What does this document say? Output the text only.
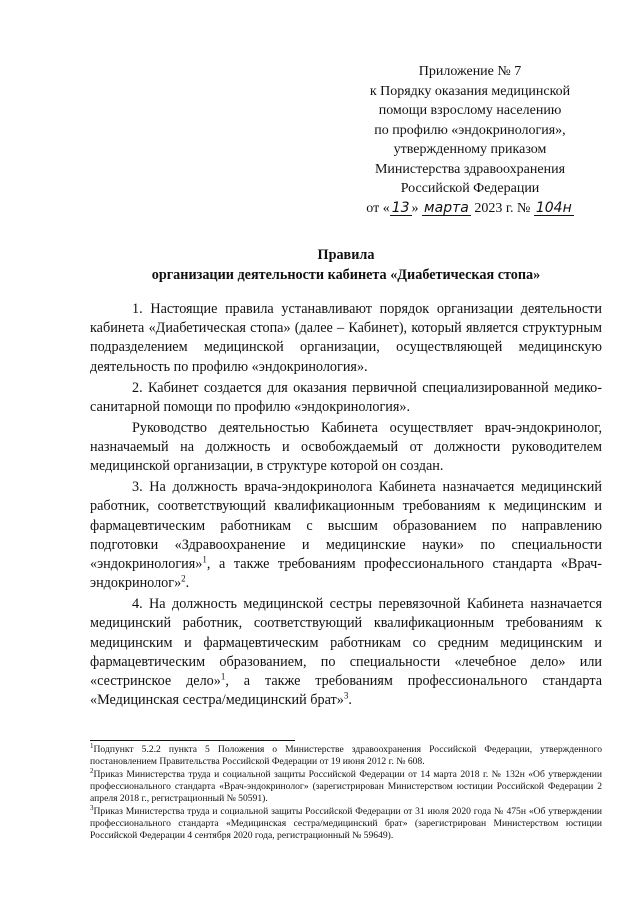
Приложение № 7
к Порядку оказания медицинской
помощи взрослому населению
по профилю «эндокринология»,
утвержденному приказом
Министерства здравоохранения
Российской Федерации
от « 13 » марта 2023 г. № 104н
Правила
организации деятельности кабинета «Диабетическая стопа»

1. Настоящие правила устанавливают порядок организации деятельности кабинета «Диабетическая стопа» (далее – Кабинет), который является структурным подразделением медицинской организации, осуществляющей медицинскую деятельность по профилю «эндокринология».

2. Кабинет создается для оказания первичной специализированной медико-санитарной помощи по профилю «эндокринология».

Руководство деятельностью Кабинета осуществляет врач-эндокринолог, назначаемый на должность и освобождаемый от должности руководителем медицинской организации, в структуре которой он создан.

3. На должность врача-эндокринолога Кабинета назначается медицинский работник, соответствующий квалификационным требованиям к медицинским и фармацевтическим работникам с высшим образованием по направлению подготовки «Здравоохранение и медицинские науки» по специальности «эндокринология»$^1$, а также требованиям профессионального стандарта «Врач-эндокринолог»$^2$.

4. На должность медицинской сестры перевязочной Кабинета назначается медицинский работник, соответствующий квалификационным требованиям к медицинским и фармацевтическим работникам со средним медицинским и фармацевтическим образованием, по специальности «лечебное дело» или «сестринское дело»$^1$, а также требованиям профессионального стандарта «Медицинская сестра/медицинский брат»$^3$.

$^1$Подпункт 5.2.2 пункта 5 Положения о Министерстве здравоохранения Российской Федерации, утвержденного постановлением Правительства Российской Федерации от 19 июня 2012 г. № 608.

$^2$Приказ Министерства труда и социальной защиты Российской Федерации от 14 марта 2018 г. № 132н «Об утверждении профессионального стандарта «Врач-эндокринолог» (зарегистрирован Министерством юстиции Российской Федерации 2 апреля 2018 г., регистрационный № 50591).

$^3$Приказ Министерства труда и социальной защиты Российской Федерации от 31 июля 2020 года № 475н «Об утверждении профессионального стандарта «Медицинская сестра/медицинский брат» (зарегистрирован Министерством юстиции Российской Федерации 4 сентября 2020 года, регистрационный № 59649).
